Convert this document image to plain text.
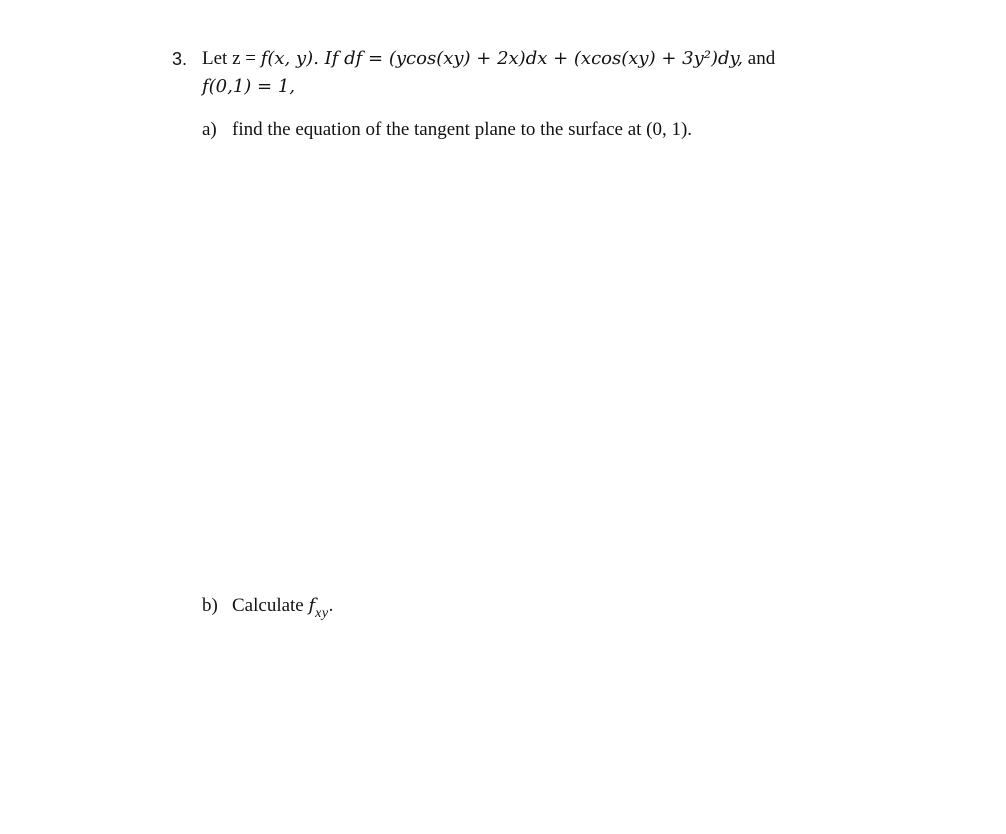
3. Let z = f(x, y). If df = (ycos(xy) + 2x)dx + (xcos(xy) + 3y²)dy, and
f(0,1) = 1,
a) find the equation of the tangent plane to the surface at (0, 1).
b) Calculate $f_{xy}$.
